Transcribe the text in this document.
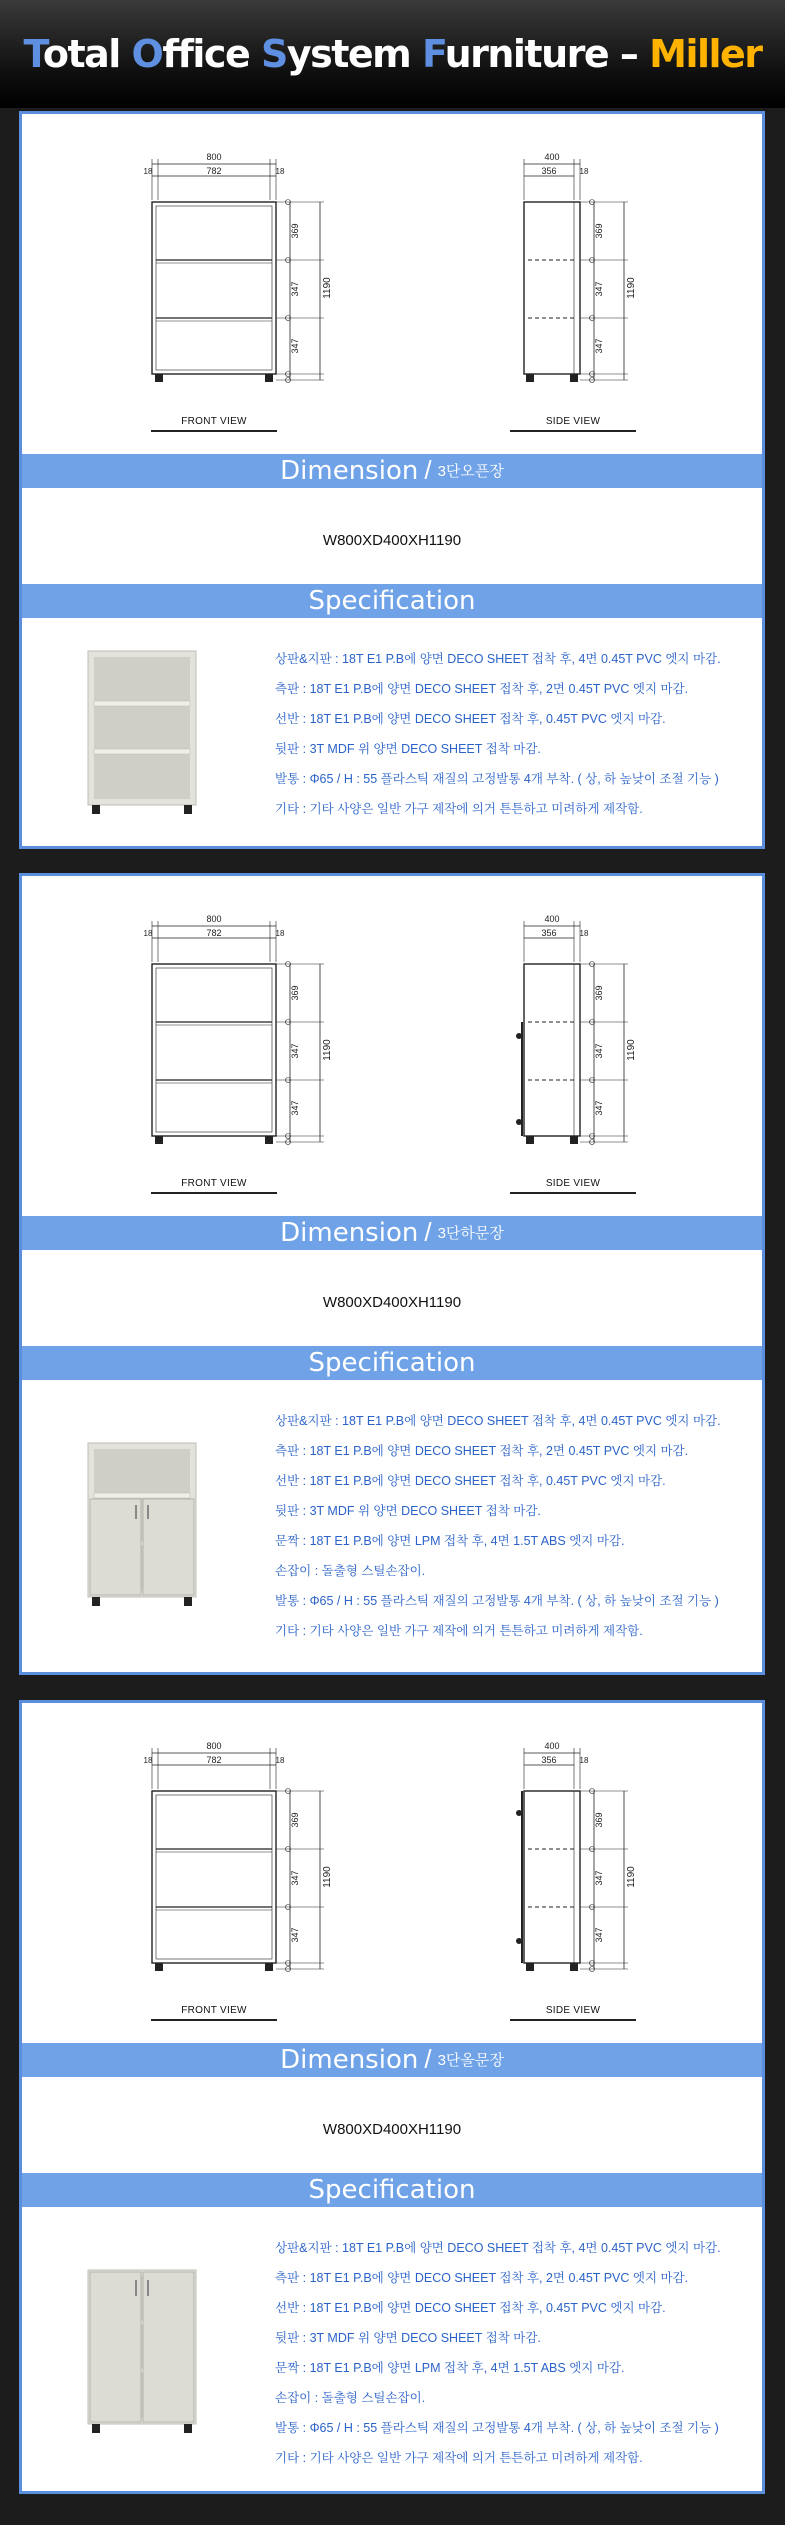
Total Office System Furniture – Miller
800
782
18	18
369
347
347
1190
400
356	18
369
347
347
1190
FRONT VIEW	SIDE VIEW
Dimension / 3단오픈장
W800XD400XH1190
Specification
상판&지판 : 18T E1 P.B에 양면 DECO SHEET 접착 후, 4면 0.45T PVC 엣지 마감.
측판 : 18T E1 P.B에 양면 DECO SHEET 접착 후, 2면 0.45T PVC 엣지 마감.
선반 : 18T E1 P.B에 양면 DECO SHEET 접착 후, 0.45T PVC 엣지 마감.
뒷판 : 3T MDF 위 양면 DECO SHEET 접착 마감.
발통 : Φ65 / H : 55 플라스틱 재질의 고정발통 4개 부착. ( 상, 하 높낮이 조절 기능 )
기타 : 기타 사양은 일반 가구 제작에 의거 튼튼하고 미려하게 제작함.
800
782
18	18
369
347
347
1190
400
356	18
369
347
347
1190
FRONT VIEW	SIDE VIEW
Dimension / 3단하문장
W800XD400XH1190
Specification
상판&지판 : 18T E1 P.B에 양면 DECO SHEET 접착 후, 4면 0.45T PVC 엣지 마감.
측판 : 18T E1 P.B에 양면 DECO SHEET 접착 후, 2면 0.45T PVC 엣지 마감.
선반 : 18T E1 P.B에 양면 DECO SHEET 접착 후, 0.45T PVC 엣지 마감.
뒷판 : 3T MDF 위 양면 DECO SHEET 접착 마감.
문짝 : 18T E1 P.B에 양면 LPM 접착 후, 4면 1.5T ABS 엣지 마감.
손잡이 : 돌출형 스틸손잡이.
발통 : Φ65 / H : 55 플라스틱 재질의 고정발통 4개 부착. ( 상, 하 높낮이 조절 기능 )
기타 : 기타 사양은 일반 가구 제작에 의거 튼튼하고 미려하게 제작함.
800
782
18	18
369
347
347
1190
400
356	18
369
347
347
1190
FRONT VIEW	SIDE VIEW
Dimension / 3단올문장
W800XD400XH1190
Specification
상판&지판 : 18T E1 P.B에 양면 DECO SHEET 접착 후, 4면 0.45T PVC 엣지 마감.
측판 : 18T E1 P.B에 양면 DECO SHEET 접착 후, 2면 0.45T PVC 엣지 마감.
선반 : 18T E1 P.B에 양면 DECO SHEET 접착 후, 0.45T PVC 엣지 마감.
뒷판 : 3T MDF 위 양면 DECO SHEET 접착 마감.
문짝 : 18T E1 P.B에 양면 LPM 접착 후, 4면 1.5T ABS 엣지 마감.
손잡이 : 돌출형 스틸손잡이.
발통 : Φ65 / H : 55 플라스틱 재질의 고정발통 4개 부착. ( 상, 하 높낮이 조절 기능 )
기타 : 기타 사양은 일반 가구 제작에 의거 튼튼하고 미려하게 제작함.
